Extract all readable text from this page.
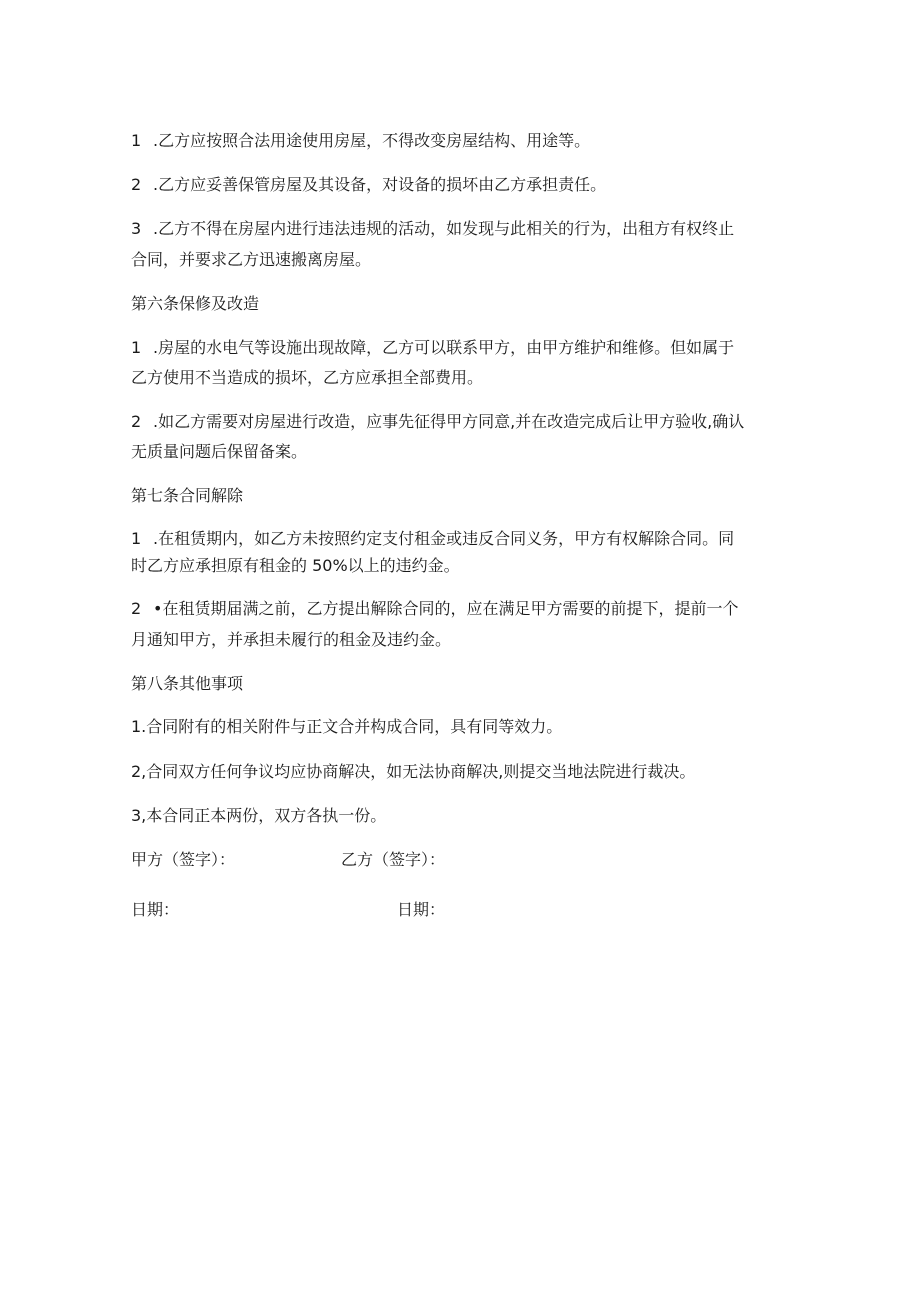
1 .乙方应按照合法用途使用房屋，不得改变房屋结构、用途等。
2 .乙方应妥善保管房屋及其设备，对设备的损坏由乙方承担责任。
3 .乙方不得在房屋内进行违法违规的活动，如发现与此相关的行为，出租方有权终止
合同，并要求乙方迅速搬离房屋。
第六条保修及改造
1 .房屋的水电气等设施出现故障，乙方可以联系甲方，由甲方维护和维修。但如属于
乙方使用不当造成的损坏，乙方应承担全部费用。
2 .如乙方需要对房屋进行改造，应事先征得甲方同意,并在改造完成后让甲方验收,确认
无质量问题后保留备案。
第七条合同解除
1 .在租赁期内，如乙方未按照约定支付租金或违反合同义务，甲方有权解除合同。同
时乙方应承担原有租金的 50%以上的违约金。
2 •在租赁期届满之前，乙方提出解除合同的，应在满足甲方需要的前提下，提前一个
月通知甲方，并承担未履行的租金及违约金。
第八条其他事项
1.合同附有的相关附件与正文合并构成合同，具有同等效力。
2,合同双方任何争议均应协商解决，如无法协商解决,则提交当地法院进行裁决。
3,本合同正本两份，双方各执一份。
甲方（签字）：	乙方（签字）：
日期：	日期：
